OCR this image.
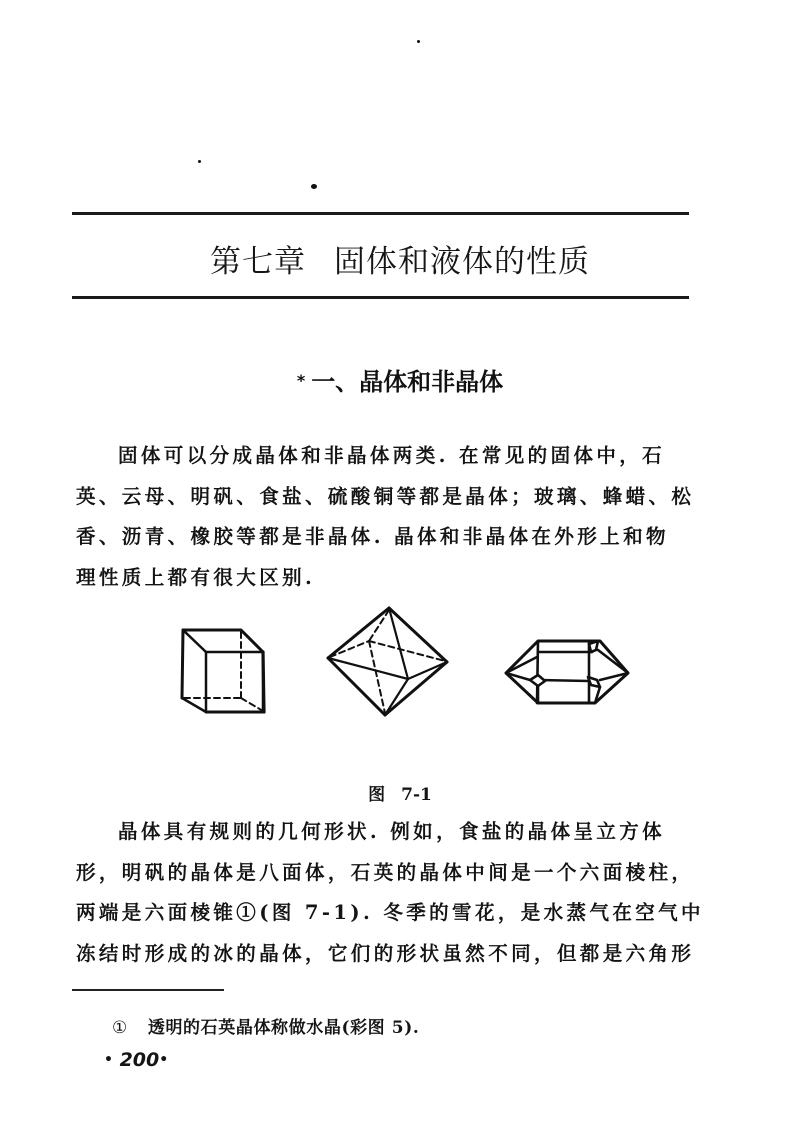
第七章 固体和液体的性质
* 一、晶体和非晶体
固体可以分成晶体和非晶体两类. 在常见的固体中，石
英、云母、明矾、食盐、硫酸铜等都是晶体；玻璃、蜂蜡、松
香、沥青、橡胶等都是非晶体. 晶体和非晶体在外形上和物
理性质上都有很大区别.
图 7-1
晶体具有规则的几何形状. 例如，食盐的晶体呈立方体
形，明矾的晶体是八面体，石英的晶体中间是一个六面棱柱，
两端是六面棱锥①(图 7-1). 冬季的雪花，是水蒸气在空气中
冻结时形成的冰的晶体，它们的形状虽然不同，但都是六角形
① 透明的石英晶体称做水晶(彩图 5).
• 200•
